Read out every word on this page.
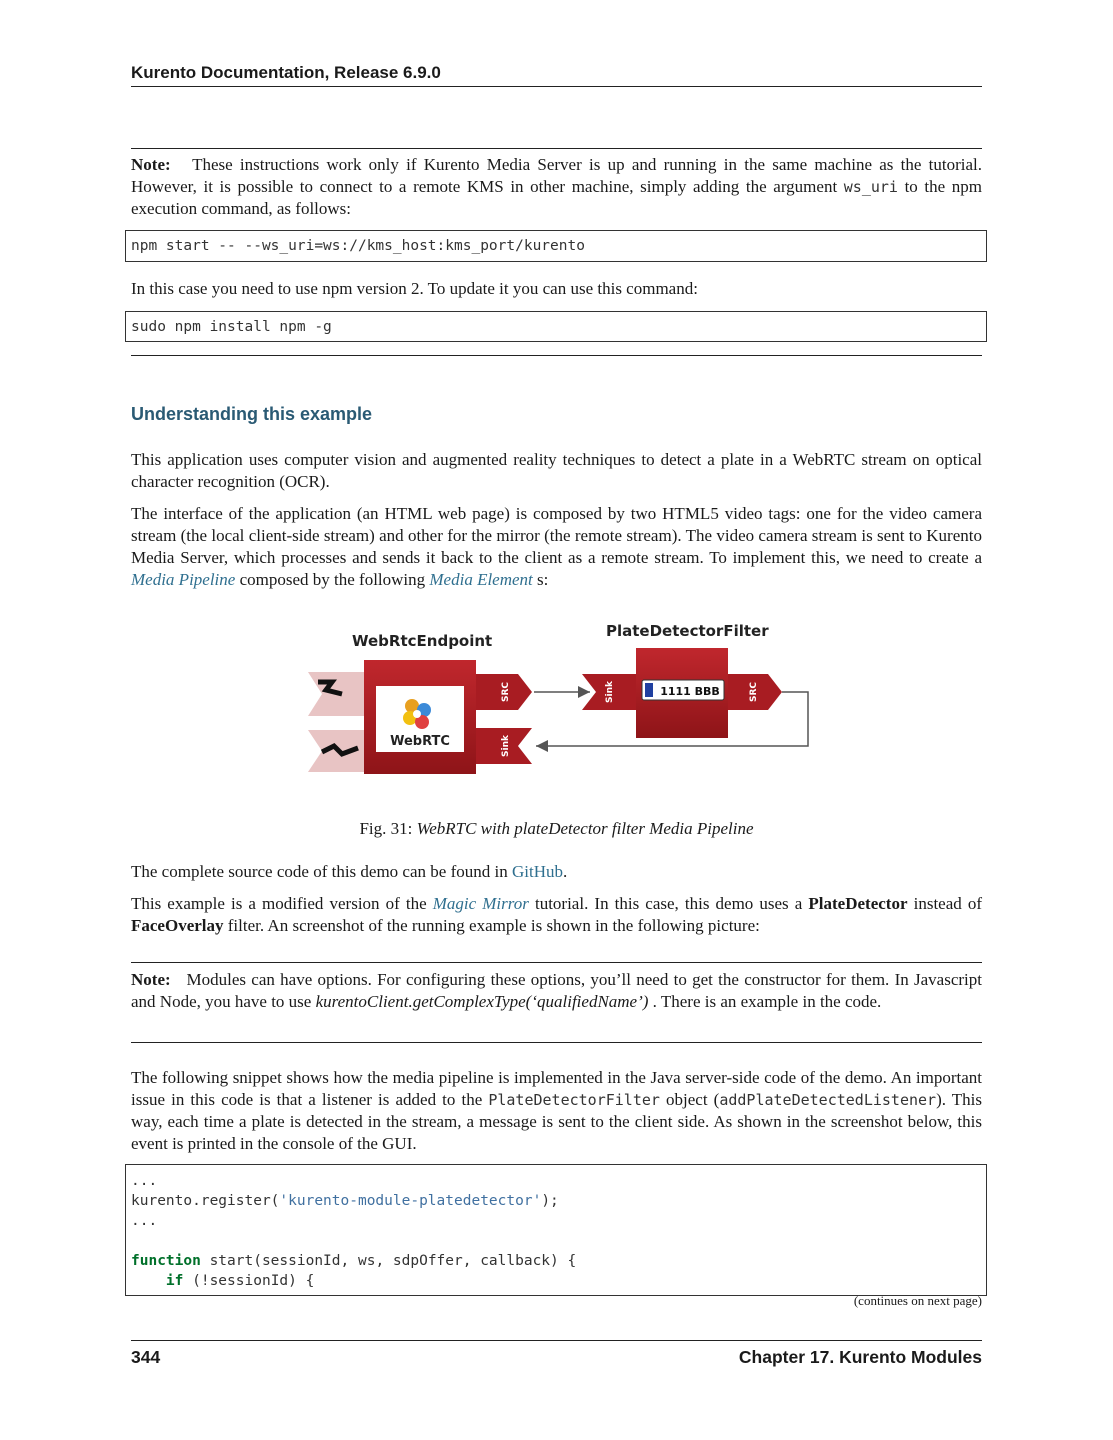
Kurento Documentation, Release 6.9.0

Note: These instructions work only if Kurento Media Server is up and running in the same machine as the tutorial. However, it is possible to connect to a remote KMS in other machine, simply adding the argument ws_uri to the npm execution command, as follows:

npm start -- --ws_uri=ws://kms_host:kms_port/kurento

In this case you need to use npm version 2. To update it you can use this command:

sudo npm install npm -g
Understanding this example

This application uses computer vision and augmented reality techniques to detect a plate in a WebRTC stream on optical character recognition (OCR).

The interface of the application (an HTML web page) is composed by two HTML5 video tags: one for the video camera stream (the local client-side stream) and other for the mirror (the remote stream). The video camera stream is sent to Kurento Media Server, which processes and sends it back to the client as a remote stream. To implement this, we need to create a Media Pipeline composed by the following Media Element s:

WebRtcEndpoint
PlateDetectorFilter
WebRTC
SRC
Sink
Sink	1111 BBB	SRC
Fig. 31: WebRTC with plateDetector filter Media Pipeline

The complete source code of this demo can be found in GitHub.

This example is a modified version of the Magic Mirror tutorial. In this case, this demo uses a PlateDetector instead of FaceOverlay filter. An screenshot of the running example is shown in the following picture:

Note: Modules can have options. For configuring these options, you’ll need to get the constructor for them. In Javascript and Node, you have to use kurentoClient.getComplexType(‘qualifiedName’) . There is an example in the code.

The following snippet shows how the media pipeline is implemented in the Java server-side code of the demo. An important issue in this code is that a listener is added to the PlateDetectorFilter object (addPlateDetectedListener). This way, each time a plate is detected in the stream, a message is sent to the client side. As shown in the screenshot below, this event is printed in the console of the GUI.

...
kurento.register('kurento-module-platedetector');
...

function start(sessionId, ws, sdpOffer, callback) {
if (!sessionId) {
(continues on next page)
344	Chapter 17. Kurento Modules
